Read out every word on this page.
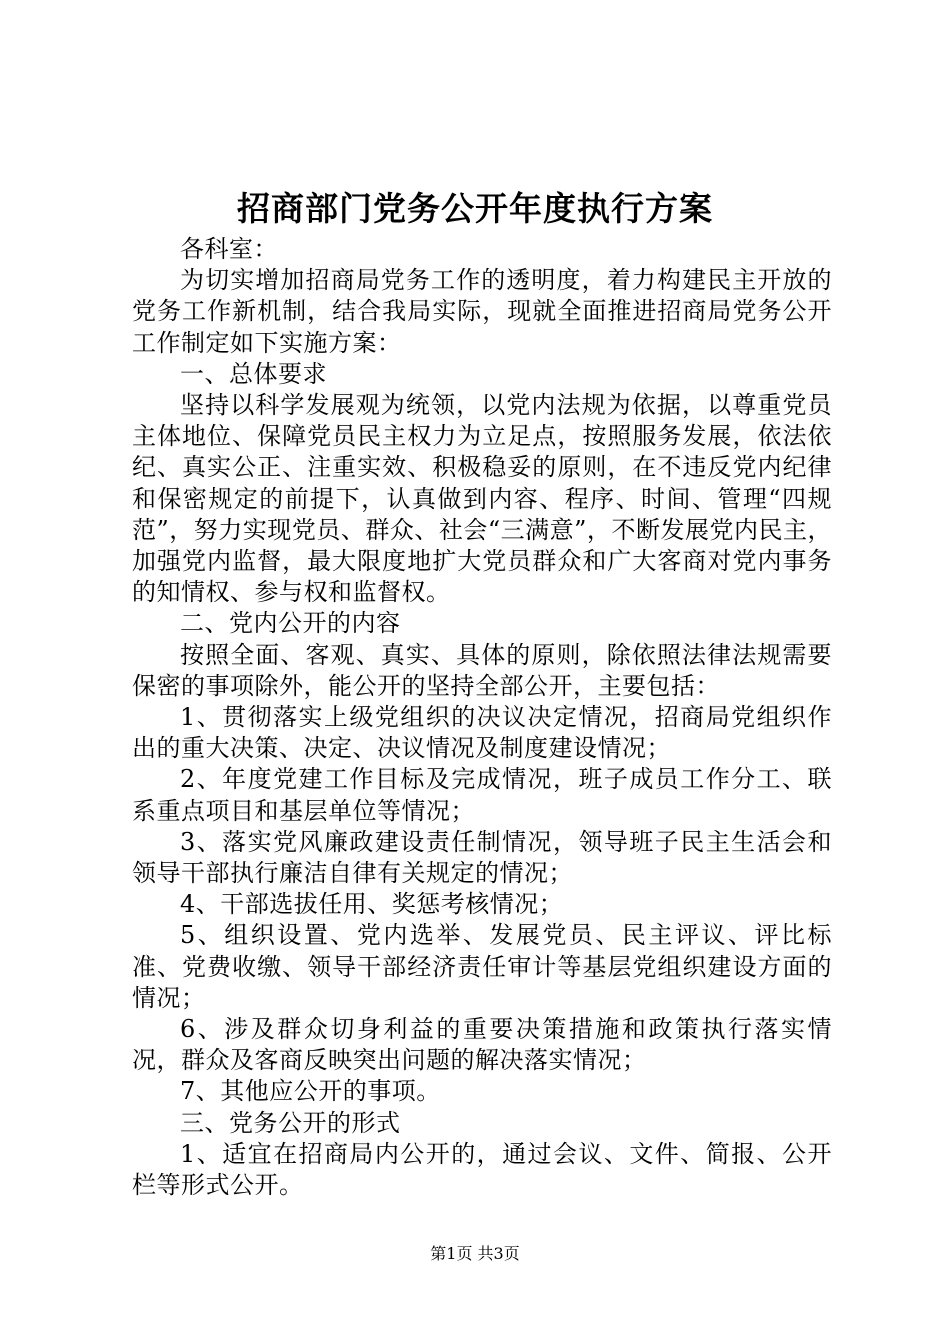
招商部门党务公开年度执行方案

各科室：

为切实增加招商局党务工作的透明度，着力构建民主开放的党务工作新机制，结合我局实际，现就全面推进招商局党务公开工作制定如下实施方案：

一、总体要求

坚持以科学发展观为统领，以党内法规为依据，以尊重党员主体地位、保障党员民主权力为立足点，按照服务发展，依法依纪、真实公正、注重实效、积极稳妥的原则，在不违反党内纪律和保密规定的前提下，认真做到内容、程序、时间、管理“四规范”，努力实现党员、群众、社会“三满意”，不断发展党内民主，加强党内监督，最大限度地扩大党员群众和广大客商对党内事务的知情权、参与权和监督权。

二、党内公开的内容

按照全面、客观、真实、具体的原则，除依照法律法规需要保密的事项除外，能公开的坚持全部公开，主要包括：

1、贯彻落实上级党组织的决议决定情况，招商局党组织作出的重大决策、决定、决议情况及制度建设情况；

2、年度党建工作目标及完成情况，班子成员工作分工、联系重点项目和基层单位等情况；

3、落实党风廉政建设责任制情况，领导班子民主生活会和领导干部执行廉洁自律有关规定的情况；

4、干部选拔任用、奖惩考核情况；

5、组织设置、党内选举、发展党员、民主评议、评比标准、党费收缴、领导干部经济责任审计等基层党组织建设方面的情况；

6、涉及群众切身利益的重要决策措施和政策执行落实情况，群众及客商反映突出问题的解决落实情况；

7、其他应公开的事项。

三、党务公开的形式

1、适宜在招商局内公开的，通过会议、文件、简报、公开栏等形式公开。

第1页 共3页
